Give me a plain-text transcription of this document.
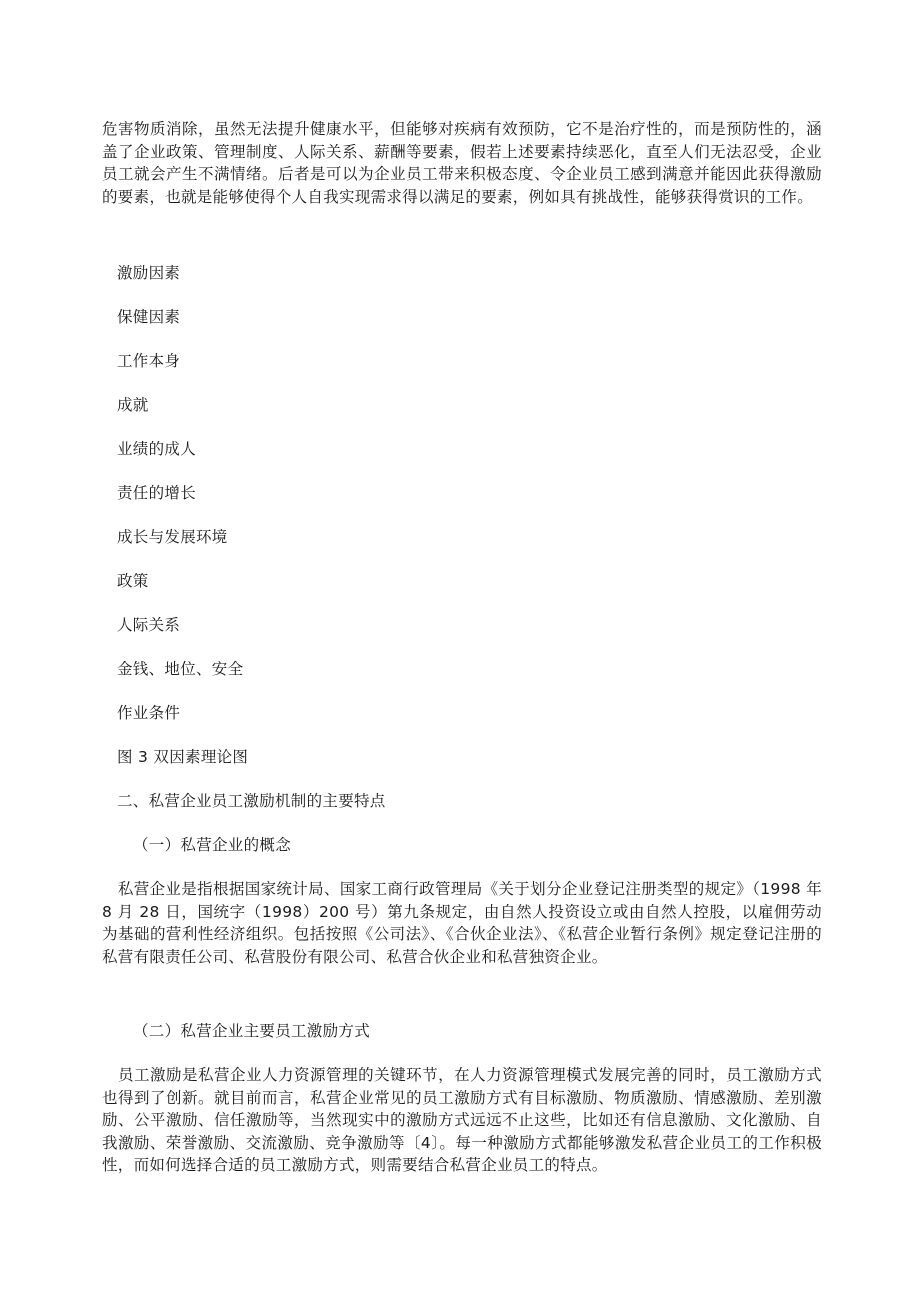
危害物质消除，虽然无法提升健康水平，但能够对疾病有效预防，它不是治疗性的，而是预防性的，涵盖了企业政策、管理制度、人际关系、薪酬等要素，假若上述要素持续恶化，直至人们无法忍受，企业员工就会产生不满情绪。后者是可以为企业员工带来积极态度、令企业员工感到满意并能因此获得激励的要素，也就是能够使得个人自我实现需求得以满足的要素，例如具有挑战性，能够获得赏识的工作。

激励因素

保健因素

工作本身

成就

业绩的成人

责任的增长

成长与发展环境

政策

人际关系

金钱、地位、安全

作业条件

图 3 双因素理论图

二、私营企业员工激励机制的主要特点

（一）私营企业的概念

　私营企业是指根据国家统计局、国家工商行政管理局《关于划分企业登记注册类型的规定》（1998 年 8 月 28 日，国统字（1998）200 号）第九条规定，由自然人投资设立或由自然人控股，以雇佣劳动为基础的营利性经济组织。包括按照《公司法》、《合伙企业法》、《私营企业暂行条例》规定登记注册的私营有限责任公司、私营股份有限公司、私营合伙企业和私营独资企业。

（二）私营企业主要员工激励方式

　员工激励是私营企业人力资源管理的关键环节，在人力资源管理模式发展完善的同时，员工激励方式也得到了创新。就目前而言，私营企业常见的员工激励方式有目标激励、物质激励、情感激励、差别激励、公平激励、信任激励等，当然现实中的激励方式远远不止这些，比如还有信息激励、文化激励、自我激励、荣誉激励、交流激励、竞争激励等〔4〕。每一种激励方式都能够激发私营企业员工的工作积极性，而如何选择合适的员工激励方式，则需要结合私营企业员工的特点。
